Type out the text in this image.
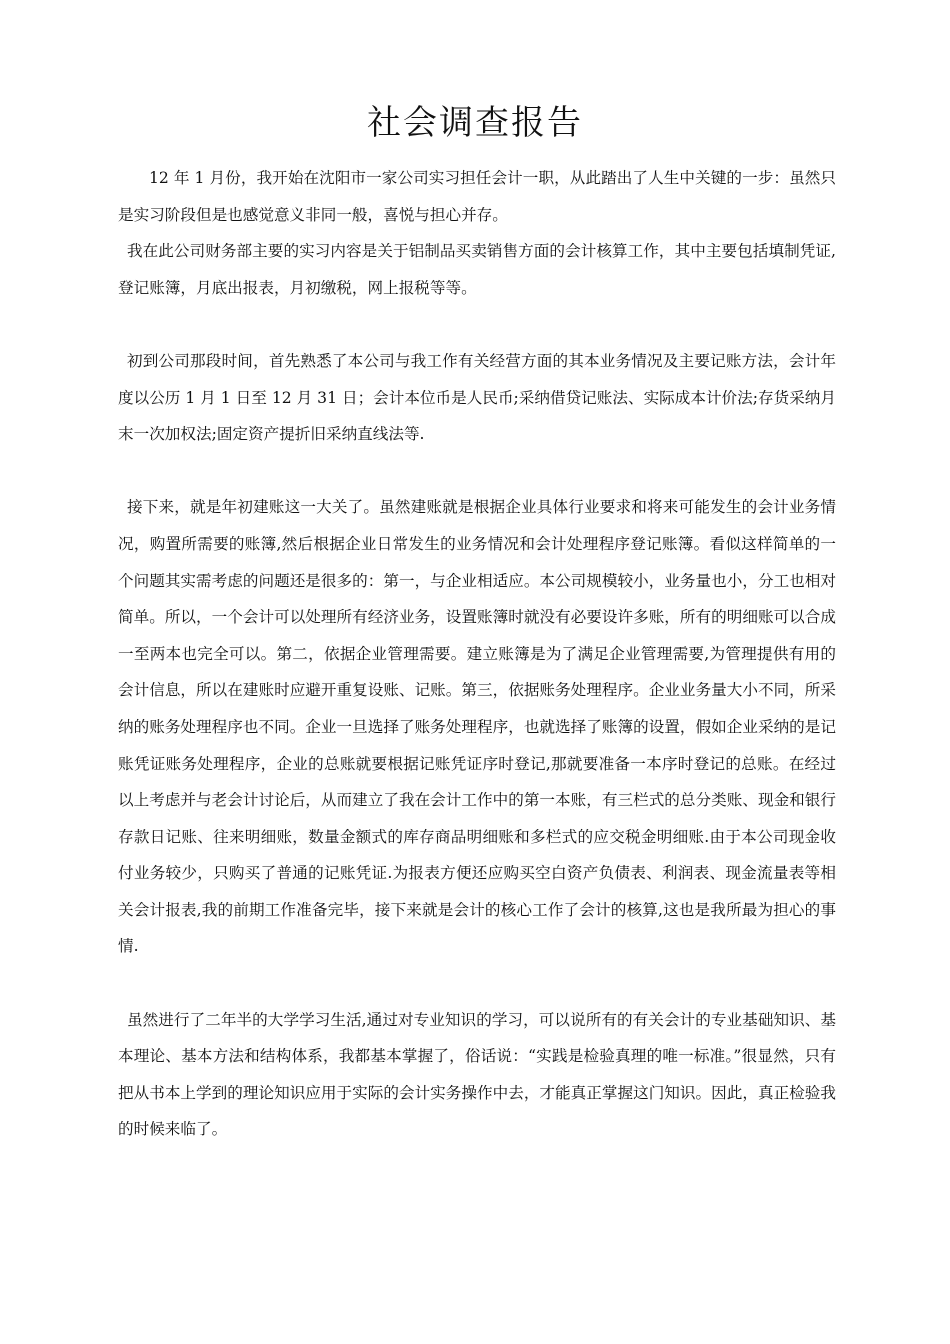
社会调查报告

12 年 1 月份，我开始在沈阳市一家公司实习担任会计一职，从此踏出了人生中关键的一步：虽然只是实习阶段但是也感觉意义非同一般，喜悦与担心并存。

我在此公司财务部主要的实习内容是关于铝制品买卖销售方面的会计核算工作，其中主要包括填制凭证,登记账簿，月底出报表，月初缴税，网上报税等等。

初到公司那段时间，首先熟悉了本公司与我工作有关经营方面的其本业务情况及主要记账方法，会计年度以公历 1 月 1 日至 12 月 31 日；会计本位币是人民币;采纳借贷记账法、实际成本计价法;存货采纳月末一次加权法;固定资产提折旧采纳直线法等.

接下来，就是年初建账这一大关了。虽然建账就是根据企业具体行业要求和将来可能发生的会计业务情况，购置所需要的账簿,然后根据企业日常发生的业务情况和会计处理程序登记账簿。看似这样简单的一个问题其实需考虑的问题还是很多的：第一，与企业相适应。本公司规模较小，业务量也小，分工也相对简单。所以，一个会计可以处理所有经济业务，设置账簿时就没有必要设许多账，所有的明细账可以合成一至两本也完全可以。第二，依据企业管理需要。建立账簿是为了满足企业管理需要,为管理提供有用的会计信息，所以在建账时应避开重复设账、记账。第三，依据账务处理程序。企业业务量大小不同，所采纳的账务处理程序也不同。企业一旦选择了账务处理程序，也就选择了账簿的设置，假如企业采纳的是记账凭证账务处理程序，企业的总账就要根据记账凭证序时登记,那就要准备一本序时登记的总账。在经过以上考虑并与老会计讨论后，从而建立了我在会计工作中的第一本账，有三栏式的总分类账、现金和银行存款日记账、往来明细账，数量金额式的库存商品明细账和多栏式的应交税金明细账.由于本公司现金收付业务较少，只购买了普通的记账凭证.为报表方便还应购买空白资产负债表、利润表、现金流量表等相关会计报表,我的前期工作准备完毕，接下来就是会计的核心工作了会计的核算,这也是我所最为担心的事情.

虽然进行了二年半的大学学习生活,通过对专业知识的学习，可以说所有的有关会计的专业基础知识、基本理论、基本方法和结构体系，我都基本掌握了，俗话说：“实践是检验真理的唯一标准。”很显然，只有把从书本上学到的理论知识应用于实际的会计实务操作中去，才能真正掌握这门知识。因此，真正检验我的时候来临了。
